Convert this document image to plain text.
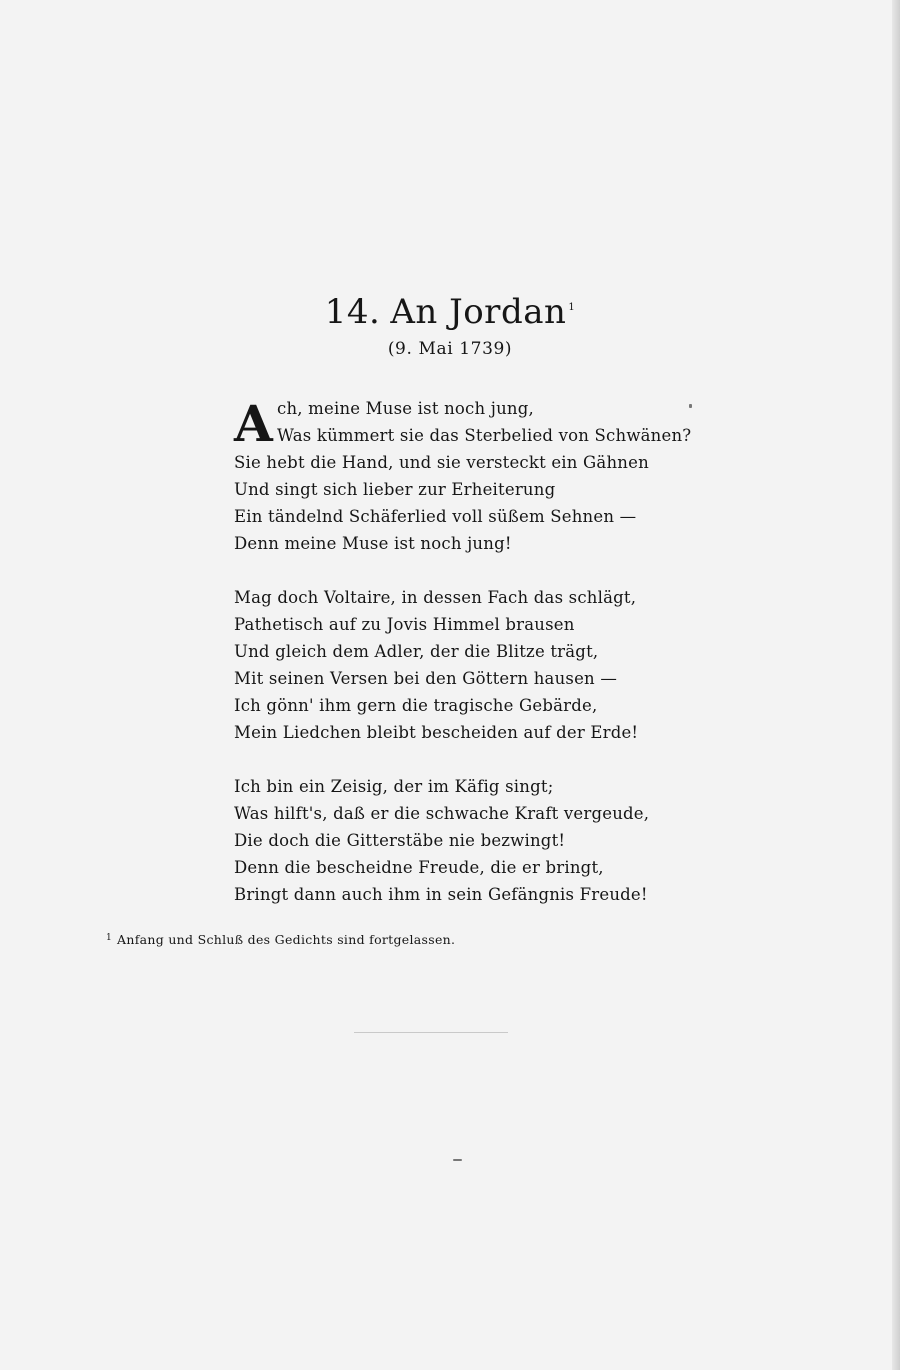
14. An Jordan $^1$
(9. Mai 1739)
A ch, meine Muse ist noch jung,
Was kümmert sie das Sterbelied von Schwänen?
Sie hebt die Hand, und sie versteckt ein Gähnen
Und singt sich lieber zur Erheiterung
Ein tändelnd Schäferlied voll süßem Sehnen —
Denn meine Muse ist noch jung!
Mag doch Voltaire, in dessen Fach das schlägt,
Pathetisch auf zu Jovis Himmel brausen
Und gleich dem Adler, der die Blitze trägt,
Mit seinen Versen bei den Göttern hausen —
Ich gönn' ihm gern die tragische Gebärde,
Mein Liedchen bleibt bescheiden auf der Erde!
Ich bin ein Zeisig, der im Käfig singt;
Was hilft's, daß er die schwache Kraft vergeude,
Die doch die Gitterstäbe nie bezwingt!
Denn die bescheidne Freude, die er bringt,
Bringt dann auch ihm in sein Gefängnis Freude!
$^1$ Anfang und Schluß des Gedichts sind fortgelassen.
